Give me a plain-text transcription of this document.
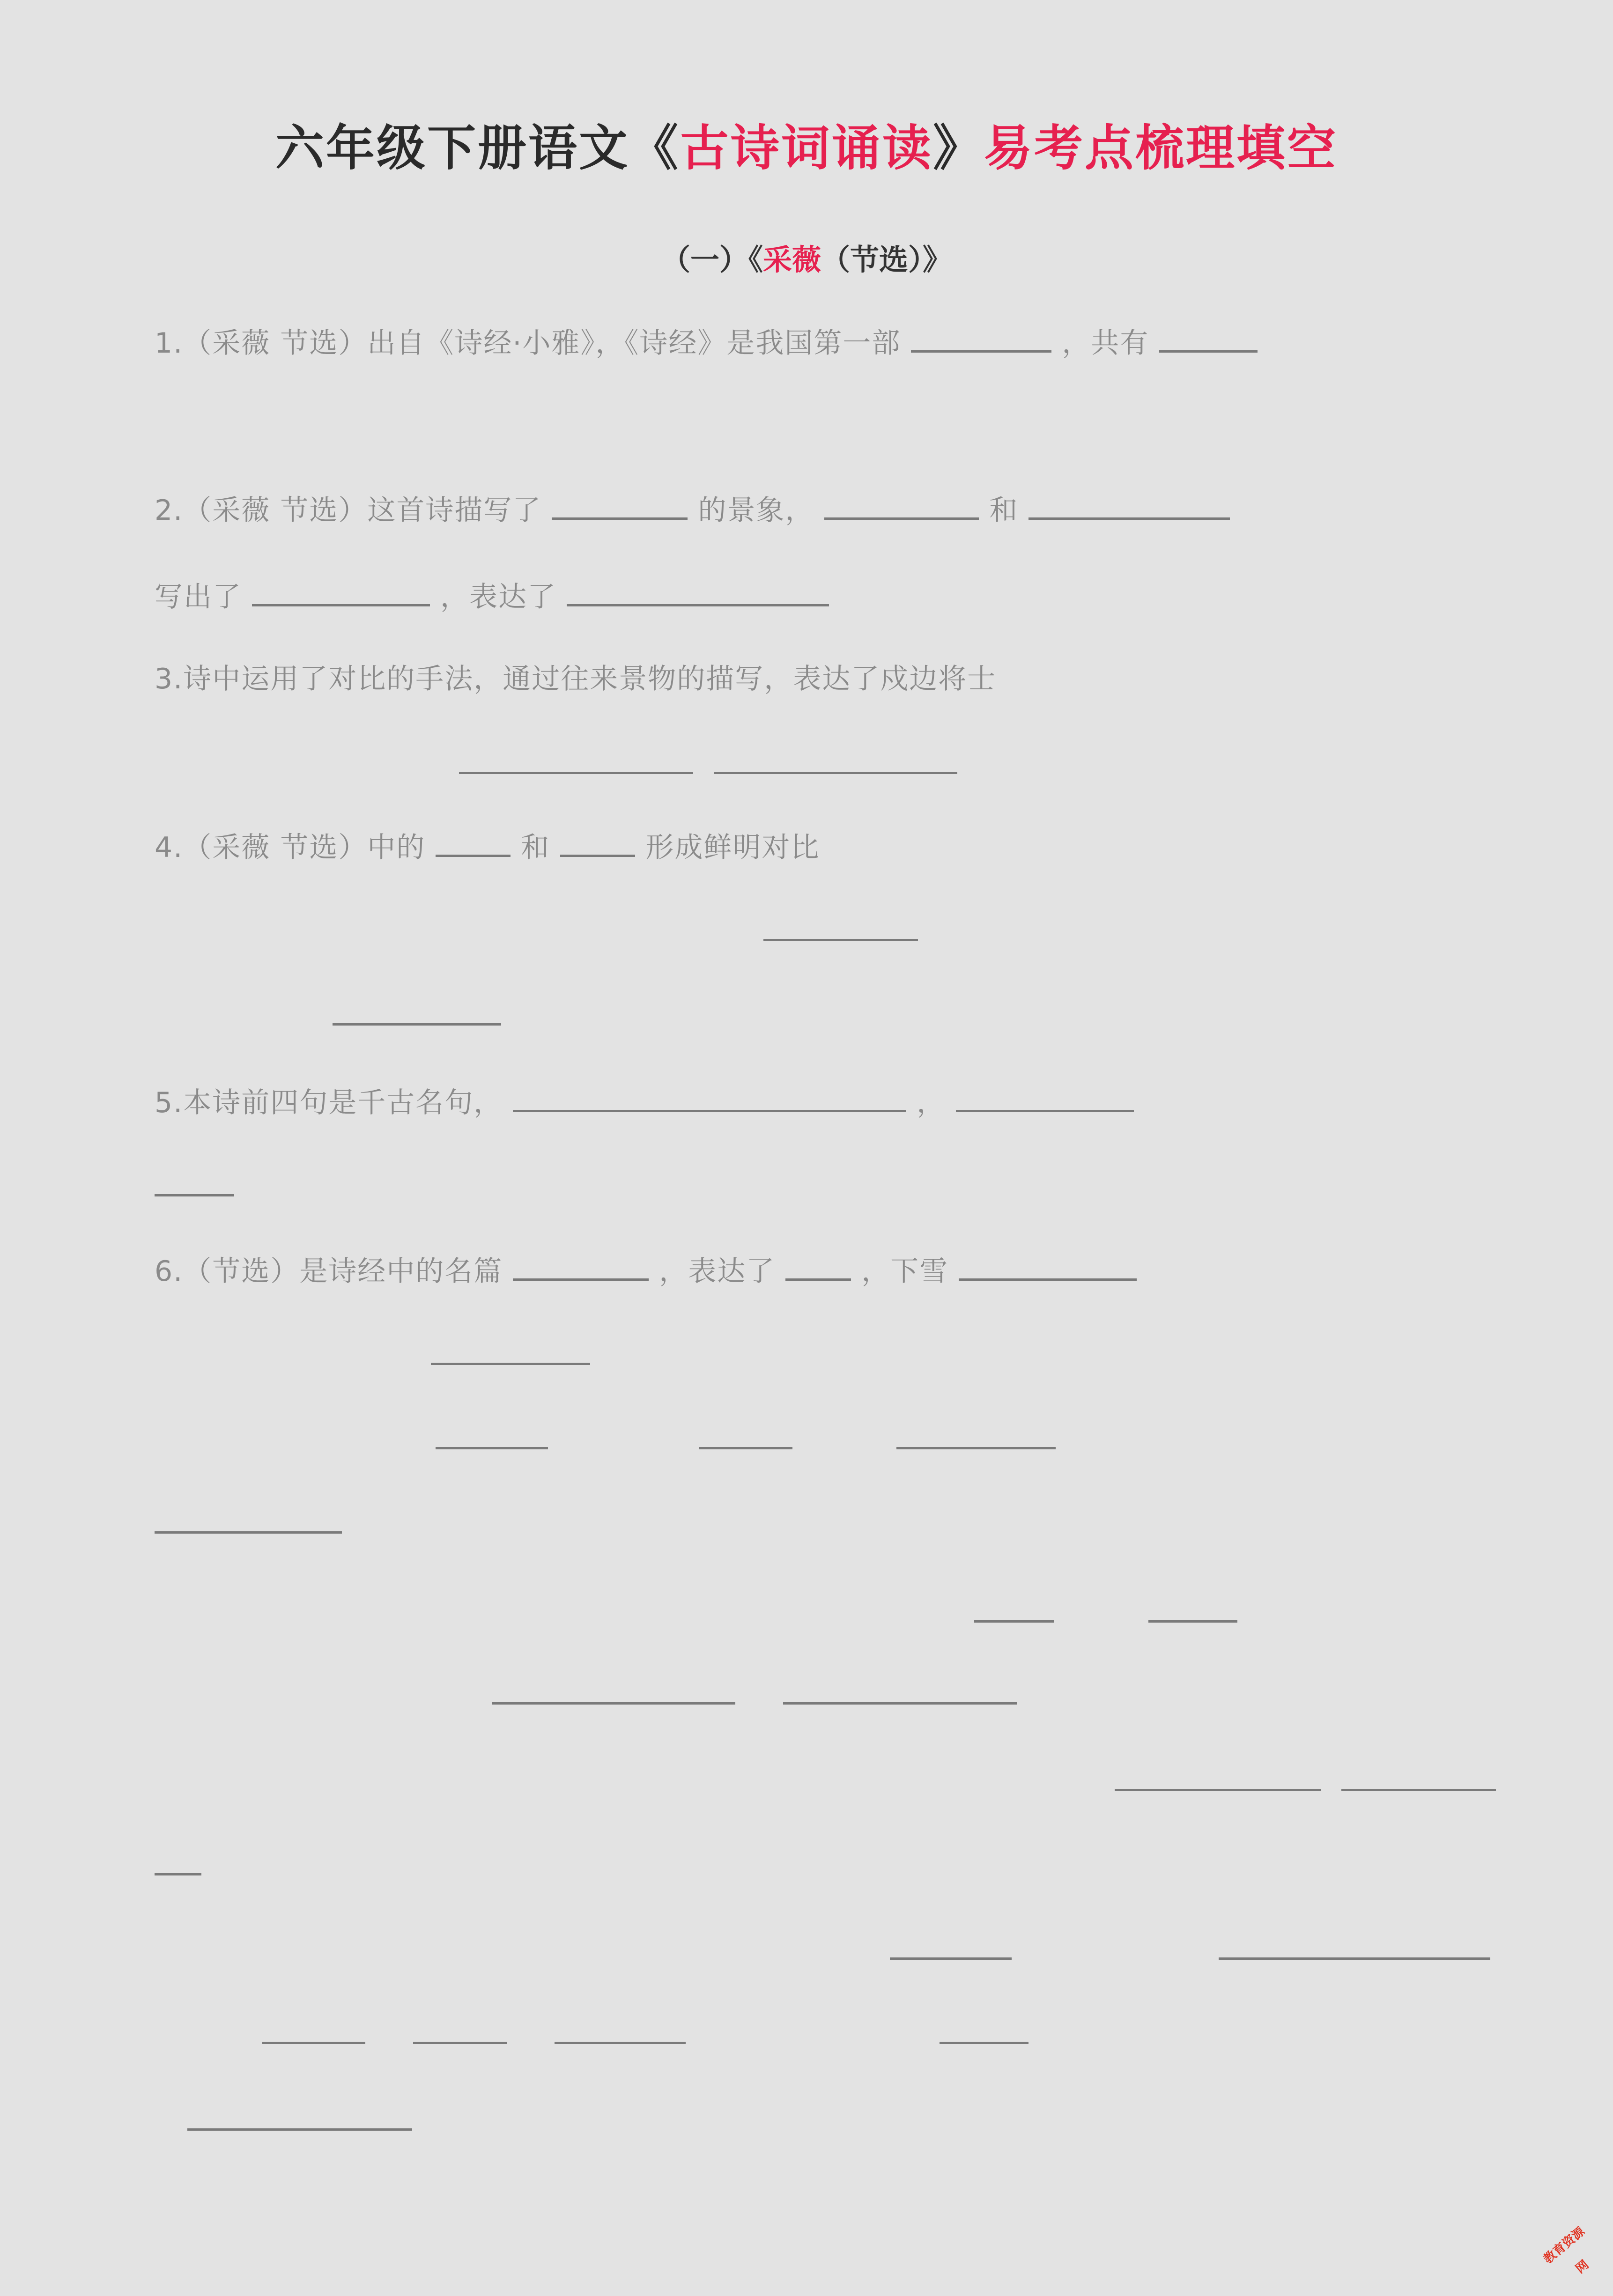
六年级下册语文《古诗词诵读》易考点梳理填空
（一）《采薇（节选）》
1.（采薇 节选）出自《诗经·小雅》，《诗经》是我国第一部	，共有
2.（采薇 节选）这首诗描写了	的景象，	和
写出了	，表达了
3.诗中运用了对比的手法，通过往来景物的描写，表达了戍边将士
4.（采薇 节选）中的	和	形成鲜明对比
5.本诗前四句是千古名句，	，
6.（节选）是诗经中的名篇	，表达了	，下雪
教育资源网
